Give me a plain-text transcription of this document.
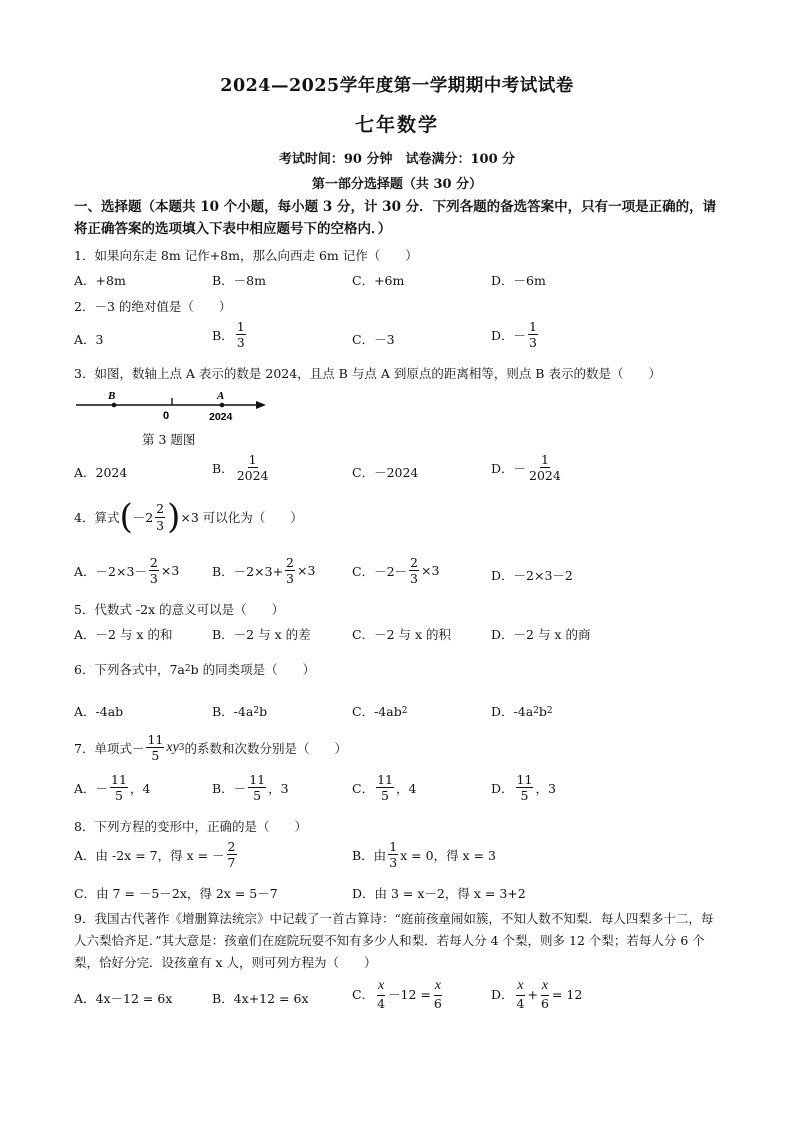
2024—2025学年度第一学期期中考试试卷
七年数学
考试时间：90 分钟　试卷满分：100 分
第一部分选择题（共 30 分）
一、选择题（本题共 10 个小题，每小题 3 分，计 30 分．下列各题的备选答案中，只有一项是正确的，请将正确答案的选项填入下表中相应题号下的空格内．）
1．如果向东走 8m 记作+8m，那么向西走 6m 记作（　　）
A．+8m	B．－8m	C．+6m	D．－6m
2．－3 的绝对值是（　　）
A．3	B． $\frac{1}{3}$	C．－3	D．－ $\frac{1}{3}$
3．如图，数轴上点 A 表示的数是 2024，且点 B 与点 A 到原点的距离相等，则点 B 表示的数是（　　）
B	A
0	2024
第 3 题图
A．2024	B． $\frac{1}{2024}$	C．－2024	D．－ $\frac{1}{2024}$
4．算式 ( $-2 \frac{2}{3}$ ) ×3 可以化为（　　）
A．$-2\times 3- \frac{2}{3} \times 3$	B．$-2\times 3+ \frac{2}{3} \times 3$	C．$-2- \frac{2}{3} \times 3$	D．－2×3－2
5．代数式 -2x 的意义可以是（　　）
A．－2 与 x 的和	B．－2 与 x 的差	C．－2 与 x 的积	D．－2 与 x 的商
6．下列各式中，7a 2 b 的同类项是（　　）
A．-4ab	B．-4a 2 b	C．-4ab 2	D．-4a 2 b 2
7．单项式－ $\frac{11}{5}$ xy 3 的系数和次数分别是（　　）
A．－ $\frac{11}{5}$ ，4	B．－ $\frac{11}{5}$ ，3	C． $\frac{11}{5}$ ，4	D． $\frac{11}{5}$ ，3
8．下列方程的变形中，正确的是（　　）
A．由 -2x = 7，得 x = － $\frac{2}{7}$	B．由 $\frac{1}{3}$ x = 0，得 x = 3
C．由 7 = －5－2x，得 2x = 5－7	D．由 3 = x－2，得 x = 3+2
9．我国古代著作《增删算法统宗》中记载了一首古算诗：“庭前孩童闹如簇，不知人数不知梨．每人四梨多十二，每人六梨恰齐足．”其大意是：孩童们在庭院玩耍不知有多少人和梨．若每人分 4 个梨，则多 12 个梨；若每人分 6 个梨，恰好分完．设孩童有 x 人，则可列方程为（　　）
A．4x－12 = 6x	B．4x+12 = 6x	C． $\frac{x}{4} -12 = \frac{x}{6}$	D． $\frac{x}{4} + \frac{x}{6} = 12$
